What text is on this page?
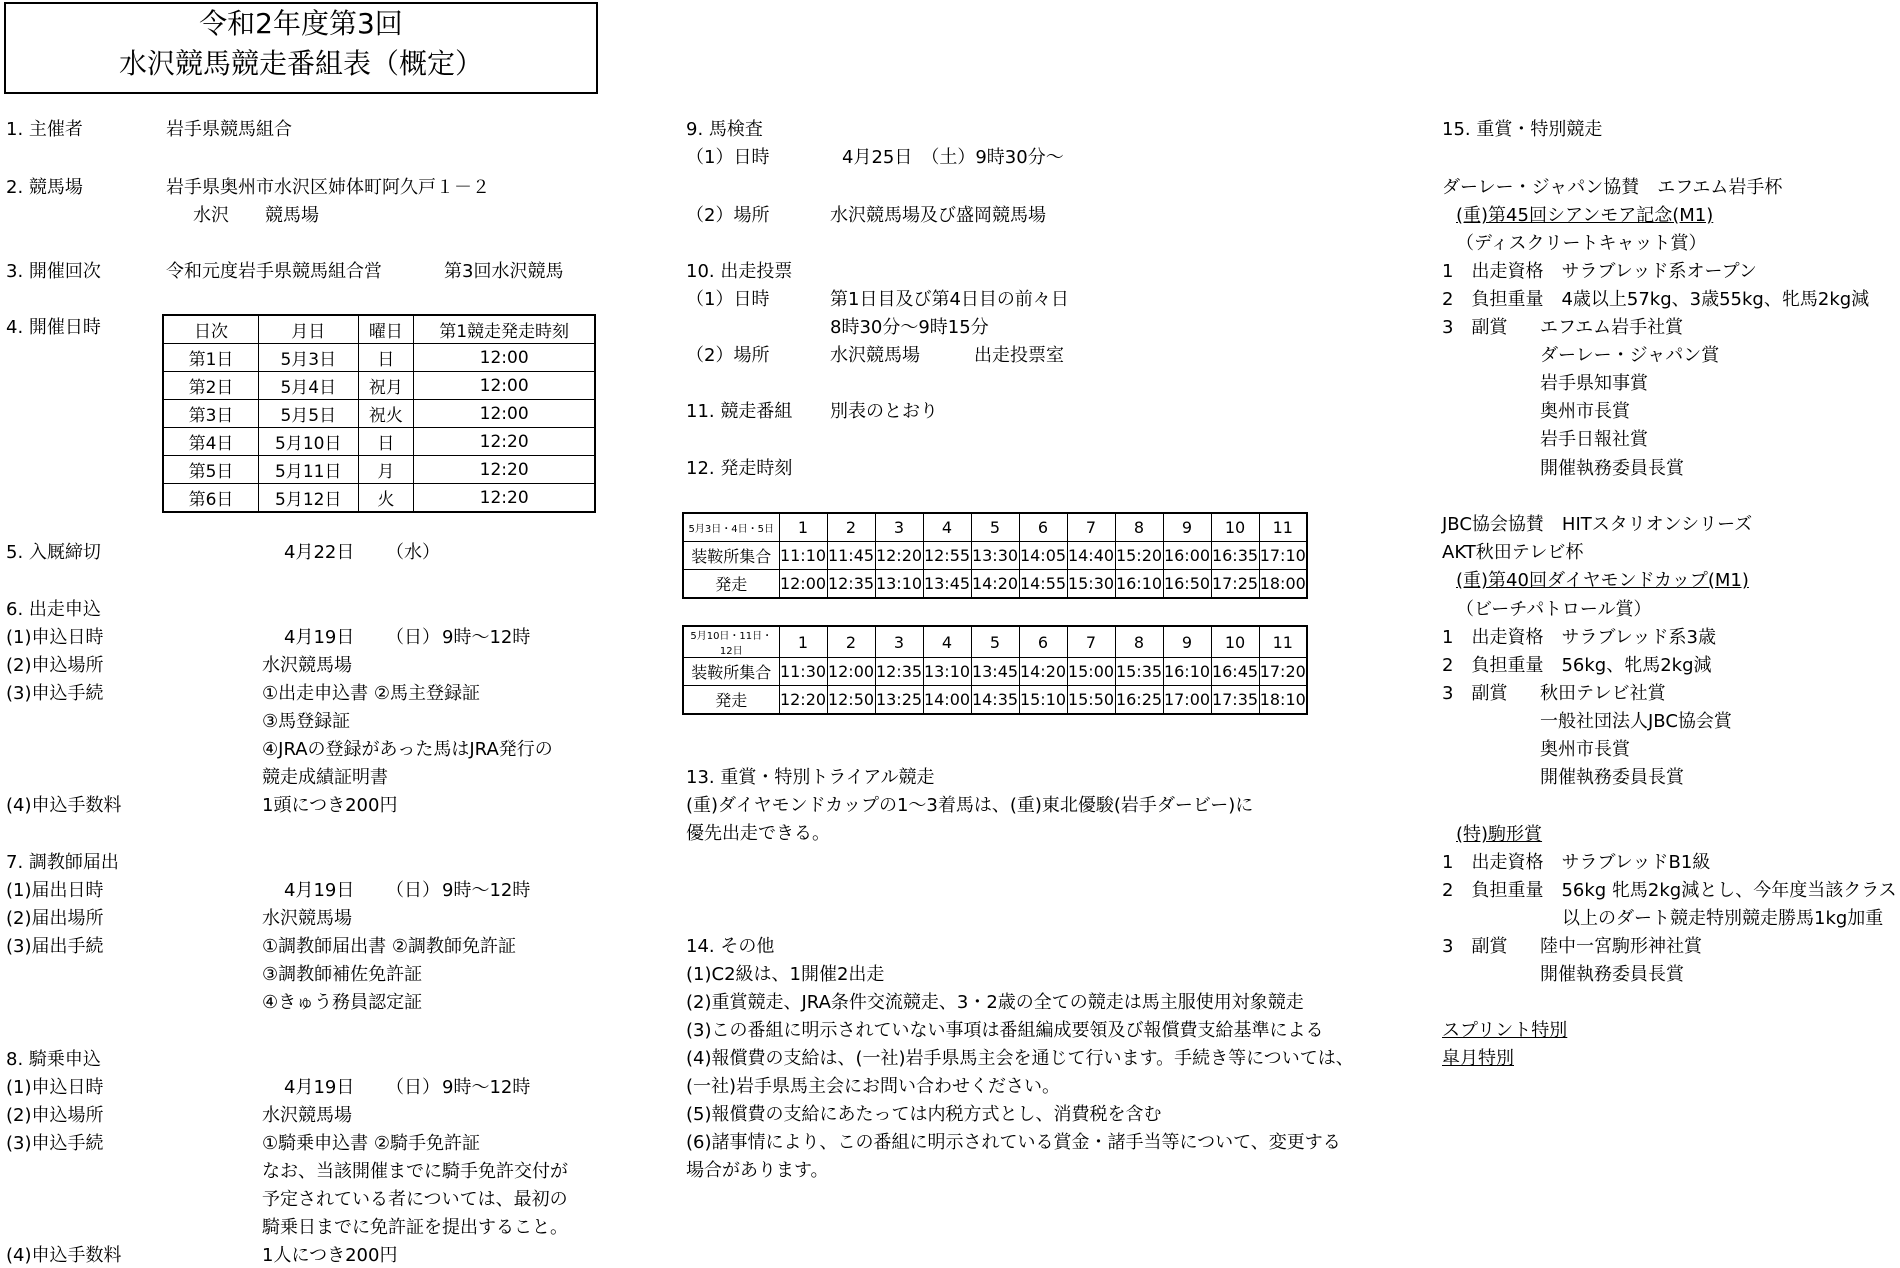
令和2年度第3回
水沢競馬競走番組表（概定）
1. 主催者	岩手県競馬組合
2. 競馬場	岩手県奥州市水沢区姉体町阿久戸１－２
水沢　　競馬場
3. 開催回次	令和元度岩手県競馬組合営	第3回水沢競馬
4. 開催日時	日次	月日	曜日	第1競走発走時刻
第1日	5月3日	日	12:00
第2日	5月4日	祝月	12:00
第3日	5月5日	祝火	12:00
第4日	5月10日	日	12:20
第5日	5月11日	月	12:20
第6日	5月12日	火	12:20
5. 入厩締切	4月22日 （水）
6. 出走申込
(1)申込日時	4月19日 （日） 9時～12時
(2)申込場所	水沢競馬場
(3)申込手続	①出走申込書 ②馬主登録証
③馬登録証
④JRAの登録があった馬はJRA発行の
競走成績証明書
(4)申込手数料	1頭につき200円
7. 調教師届出
(1)届出日時	4月19日 （日） 9時～12時
(2)届出場所	水沢競馬場
(3)届出手続	①調教師届出書 ②調教師免許証
③調教師補佐免許証
④きゅう務員認定証
8. 騎乗申込
(1)申込日時	4月19日 （日） 9時～12時
(2)申込場所	水沢競馬場
(3)申込手続	①騎乗申込書 ②騎手免許証
なお、当該開催までに騎手免許交付が
予定されている者については、最初の
騎乗日までに免許証を提出すること。
(4)申込手数料	1人につき200円
9. 馬検査
（1）日時	4月25日　（土）9時30分～
（2）場所	水沢競馬場及び盛岡競馬場
10. 出走投票
（1）日時	第1日目及び第4日目の前々日
8時30分～9時15分
（2）場所	水沢競馬場	出走投票室
11. 競走番組 別表のとおり
12. 発走時刻
5月3日・4日・5日	1	2	3	4	5	6	7	8	9	10	11
装鞍所集合	11:10	11:45	12:20	12:55	13:30	14:05	14:40	15:20	16:00	16:35	17:10
発走	12:00	12:35	13:10	13:45	14:20	14:55	15:30	16:10	16:50	17:25	18:00
5月10日・11日・12日	1	2	3	4	5	6	7	8	9	10	11
装鞍所集合	11:30	12:00	12:35	13:10	13:45	14:20	15:00	15:35	16:10	16:45	17:20
発走	12:20	12:50	13:25	14:00	14:35	15:10	15:50	16:25	17:00	17:35	18:10
13. 重賞・特別トライアル競走
(重)ダイヤモンドカップの1～3着馬は、(重)東北優駿(岩手ダービー)に
優先出走できる。
14. その他
(1)C2級は、1開催2出走
(2)重賞競走、JRA条件交流競走、3・2歳の全ての競走は馬主服使用対象競走
(3)この番組に明示されていない事項は番組編成要領及び報償費支給基準による
(4)報償費の支給は、(一社)岩手県馬主会を通じて行います。手続き等については、
(一社)岩手県馬主会にお問い合わせください。
(5)報償費の支給にあたっては内税方式とし、消費税を含む
(6)諸事情により、この番組に明示されている賞金・諸手当等について、変更する
場合があります。
15. 重賞・特別競走
ダーレー・ジャパン協賛　エフエム岩手杯
(重)第45回シアンモア記念(M1)
（ディスクリートキャット賞）
1　出走資格　サラブレッド系オープン
2　負担重量　4歳以上57kg、3歳55kg、牝馬2kg減
3　副賞 エフエム岩手社賞
ダーレー・ジャパン賞
岩手県知事賞
奥州市長賞
岩手日報社賞
開催執務委員長賞
JBC協会協賛　HITスタリオンシリーズ
AKT秋田テレビ杯
(重)第40回ダイヤモンドカップ(M1)
（ビーチパトロール賞）
1　出走資格　サラブレッド系3歳
2　負担重量　56kg、牝馬2kg減
3　副賞 秋田テレビ社賞
一般社団法人JBC協会賞
奥州市長賞
開催執務委員長賞
(特)駒形賞
1　出走資格　サラブレッドB1級
2　負担重量　56kg 牝馬2kg減とし、今年度当該クラス
以上のダート競走特別競走勝馬1kg加重
3　副賞 陸中一宮駒形神社賞
開催執務委員長賞
スプリント特別
皐月特別
